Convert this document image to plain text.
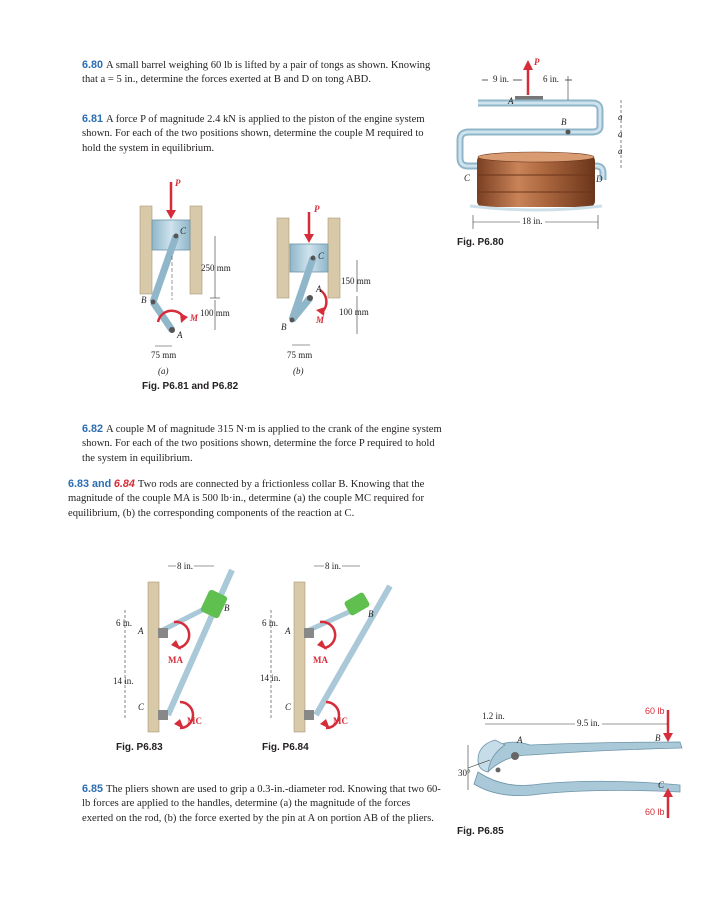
6.80 A small barrel weighing 60 lb is lifted by a pair of tongs as shown. Knowing that a = 5 in., determine the forces exerted at B and D on tong ABD.
6.81 A force P of magnitude 2.4 kN is applied to the piston of the engine system shown. For each of the two positions shown, determine the couple M required to hold the system in equilibrium.
6.82 A couple M of magnitude 315 N·m is applied to the crank of the engine system shown. For each of the two positions shown, determine the force P required to hold the system in equilibrium.
6.83 and 6.84 Two rods are connected by a frictionless collar B. Knowing that the magnitude of the couple MA is 500 lb·in., determine (a) the couple MC required for equilibrium, (b) the corresponding components of the reaction at C.
6.85 The pliers shown are used to grip a 0.3-in.-diameter rod. Knowing that two 60-lb forces are applied to the handles, determine (a) the magnitude of the forces exerted on the rod, (b) the force exerted by the pin at A on portion AB of the pliers.
P
9 in.	6 in.
A
B
C	D
a
a
a
18 in.
Fig. P6.80
P
C
250 mm
B
M 100 mm
A
75 mm
(a)
P
C
150 mm
A
100 mm
M
B
75 mm
(b)
Fig. P6.81 and P6.82
8 in.
6 in.
A
B
MA
14 in.
C
MC
Fig. P6.83
8 in.
6 in.
A
B
MA
14 in.
C
MC
Fig. P6.84
1.2 in.
9.5 in.
60 lb
A	B
30°
C
60 lb
Fig. P6.85
